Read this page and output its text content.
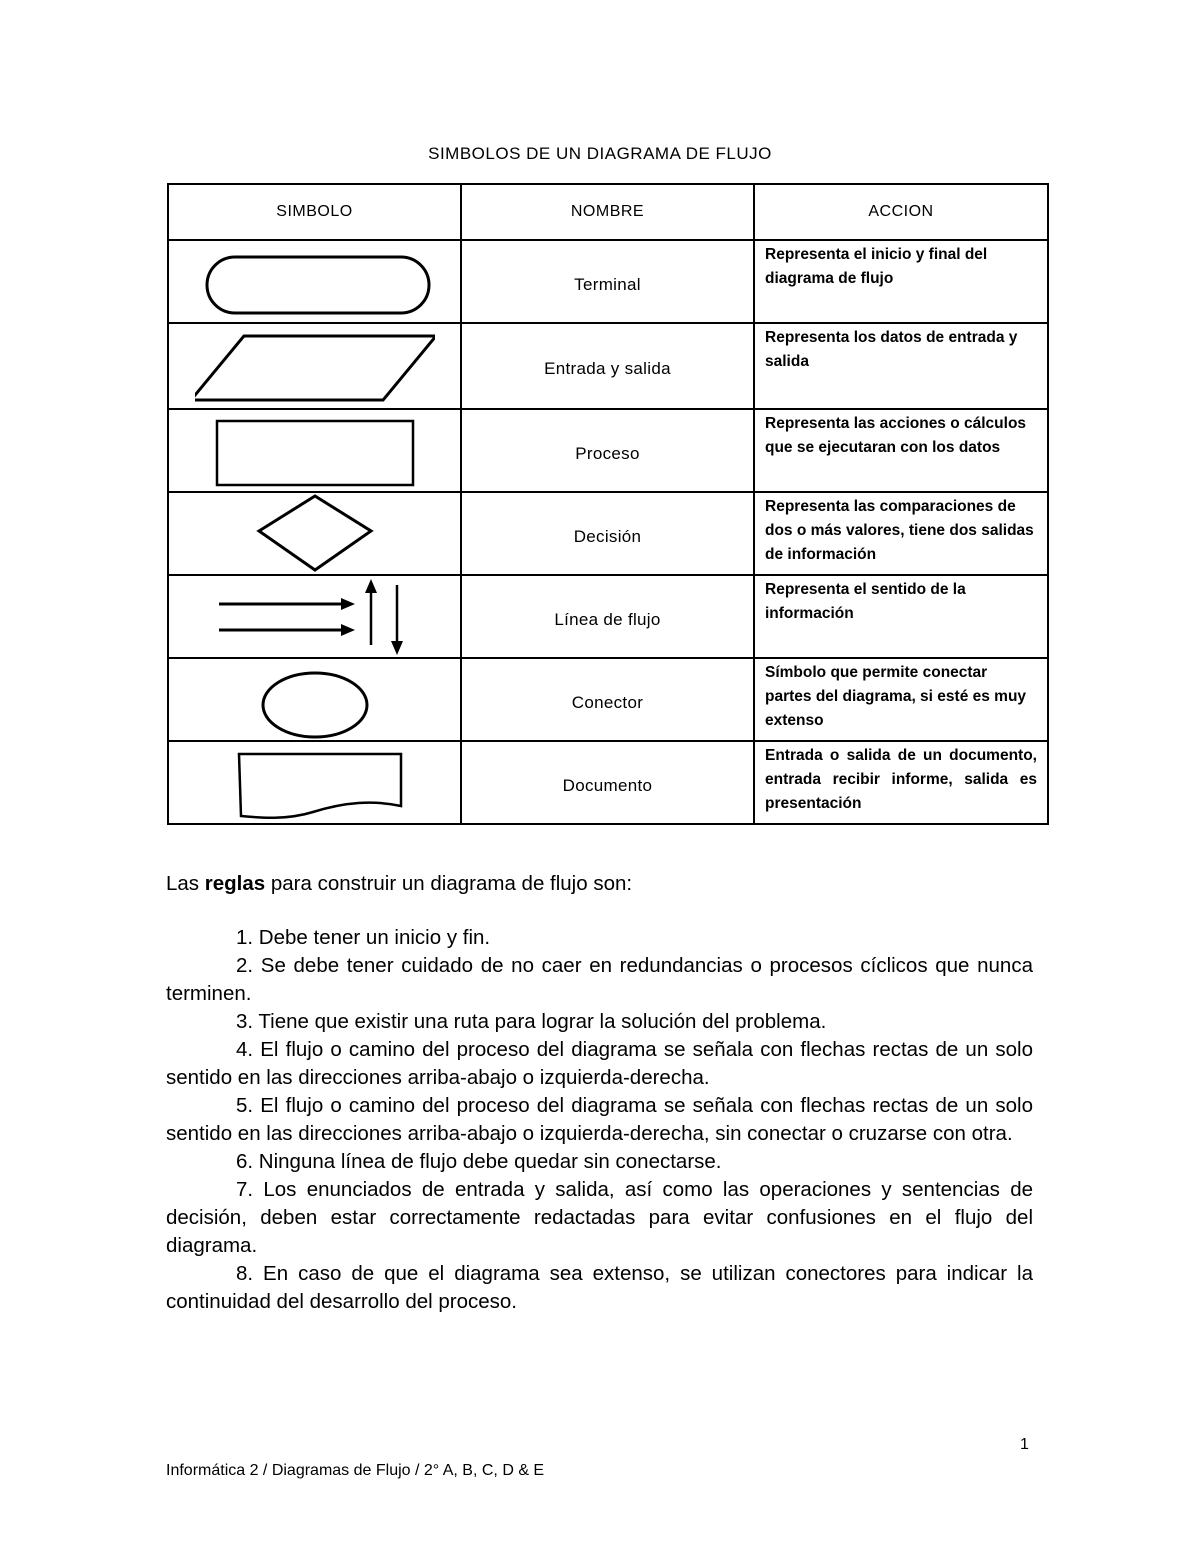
SIMBOLOS DE UN DIAGRAMA DE FLUJO
SIMBOLO	NOMBRE	ACCION

	Terminal	Representa el inicio y final del diagrama de flujo

	Entrada y salida	Representa los datos de entrada y salida

	Proceso	Representa las acciones o cálculos que se ejecutaran con los datos

	Decisión	Representa las comparaciones de dos o más valores, tiene dos salidas de información

	Línea de flujo	Representa el sentido de la información

	Conector	Símbolo que permite conectar partes del diagrama, si esté es muy extenso

	Documento	Entrada o salida de un documento, entrada recibir informe, salida es presentación

Las reglas para construir un diagrama de flujo son:

1. Debe tener un inicio y fin.

2. Se debe tener cuidado de no caer en redundancias o procesos cíclicos que nunca terminen.

3. Tiene que existir una ruta para lograr la solución del problema.

4. El flujo o camino del proceso del diagrama se señala con flechas rectas de un solo sentido en las direcciones arriba-abajo o izquierda-derecha.

5. El flujo o camino del proceso del diagrama se señala con flechas rectas de un solo sentido en las direcciones arriba-abajo o izquierda-derecha, sin conectar o cruzarse con otra.

6. Ninguna línea de flujo debe quedar sin conectarse.

7. Los enunciados de entrada y salida, así como las operaciones y sentencias de decisión, deben estar correctamente redactadas para evitar confusiones en el flujo del diagrama.

8. En caso de que el diagrama sea extenso, se utilizan conectores para indicar la continuidad del desarrollo del proceso.

1
Informática 2 / Diagramas de Flujo / 2° A, B, C, D & E
